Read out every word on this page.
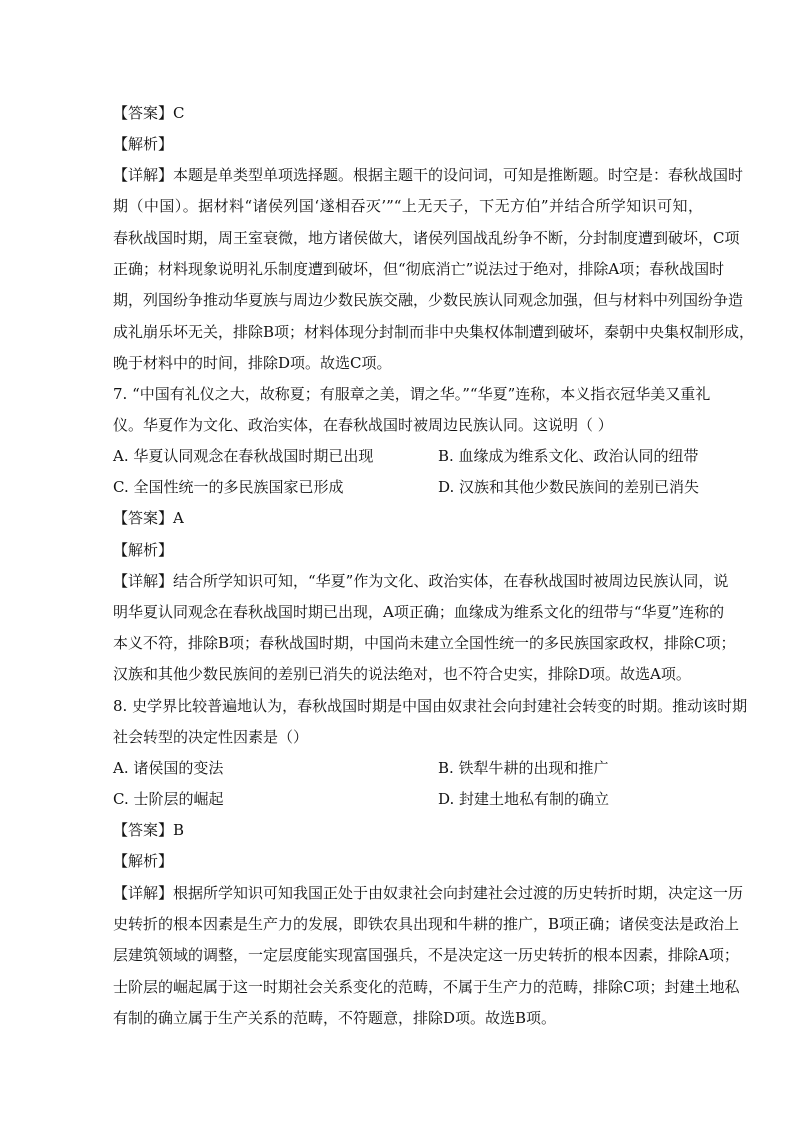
【答案】C
【解析】
【详解】本题是单类型单项选择题。根据主题干的设问词，可知是推断题。时空是：春秋战国时
期（中国）。据材料“诸侯列国‘遂相吞灭’”“上无天子，下无方伯”并结合所学知识可知，
春秋战国时期，周王室衰微，地方诸侯做大，诸侯列国战乱纷争不断，分封制度遭到破坏，C项
正确；材料现象说明礼乐制度遭到破坏，但“彻底消亡”说法过于绝对，排除A项；春秋战国时
期，列国纷争推动华夏族与周边少数民族交融，少数民族认同观念加强，但与材料中列国纷争造
成礼崩乐坏无关，排除B项；材料体现分封制而非中央集权体制遭到破坏，秦朝中央集权制形成，
晚于材料中的时间，排除D项。故选C项。
7. “中国有礼仪之大，故称夏；有服章之美，谓之华。”“华夏”连称，本义指衣冠华美又重礼
仪。华夏作为文化、政治实体，在春秋战国时被周边民族认同。这说明（ ）
A. 华夏认同观念在春秋战国时期已出现	B. 血缘成为维系文化、政治认同的纽带
C. 全国性统一的多民族国家已形成	D. 汉族和其他少数民族间的差别已消失
【答案】A
【解析】
【详解】结合所学知识可知，“华夏”作为文化、政治实体，在春秋战国时被周边民族认同，说
明华夏认同观念在春秋战国时期已出现，A项正确；血缘成为维系文化的纽带与“华夏”连称的
本义不符，排除B项；春秋战国时期，中国尚未建立全国性统一的多民族国家政权，排除C项；
汉族和其他少数民族间的差别已消失的说法绝对，也不符合史实，排除D项。故选A项。
8. 史学界比较普遍地认为，春秋战国时期是中国由奴隶社会向封建社会转变的时期。推动该时期
社会转型的决定性因素是（）
A. 诸侯国的变法	B. 铁犁牛耕的出现和推广
C. 士阶层的崛起	D. 封建土地私有制的确立
【答案】B
【解析】
【详解】根据所学知识可知我国正处于由奴隶社会向封建社会过渡的历史转折时期，决定这一历
史转折的根本因素是生产力的发展，即铁农具出现和牛耕的推广，B项正确；诸侯变法是政治上
层建筑领域的调整，一定层度能实现富国强兵，不是决定这一历史转折的根本因素，排除A项；
士阶层的崛起属于这一时期社会关系变化的范畴，不属于生产力的范畴，排除C项；封建土地私
有制的确立属于生产关系的范畴，不符题意，排除D项。故选B项。
